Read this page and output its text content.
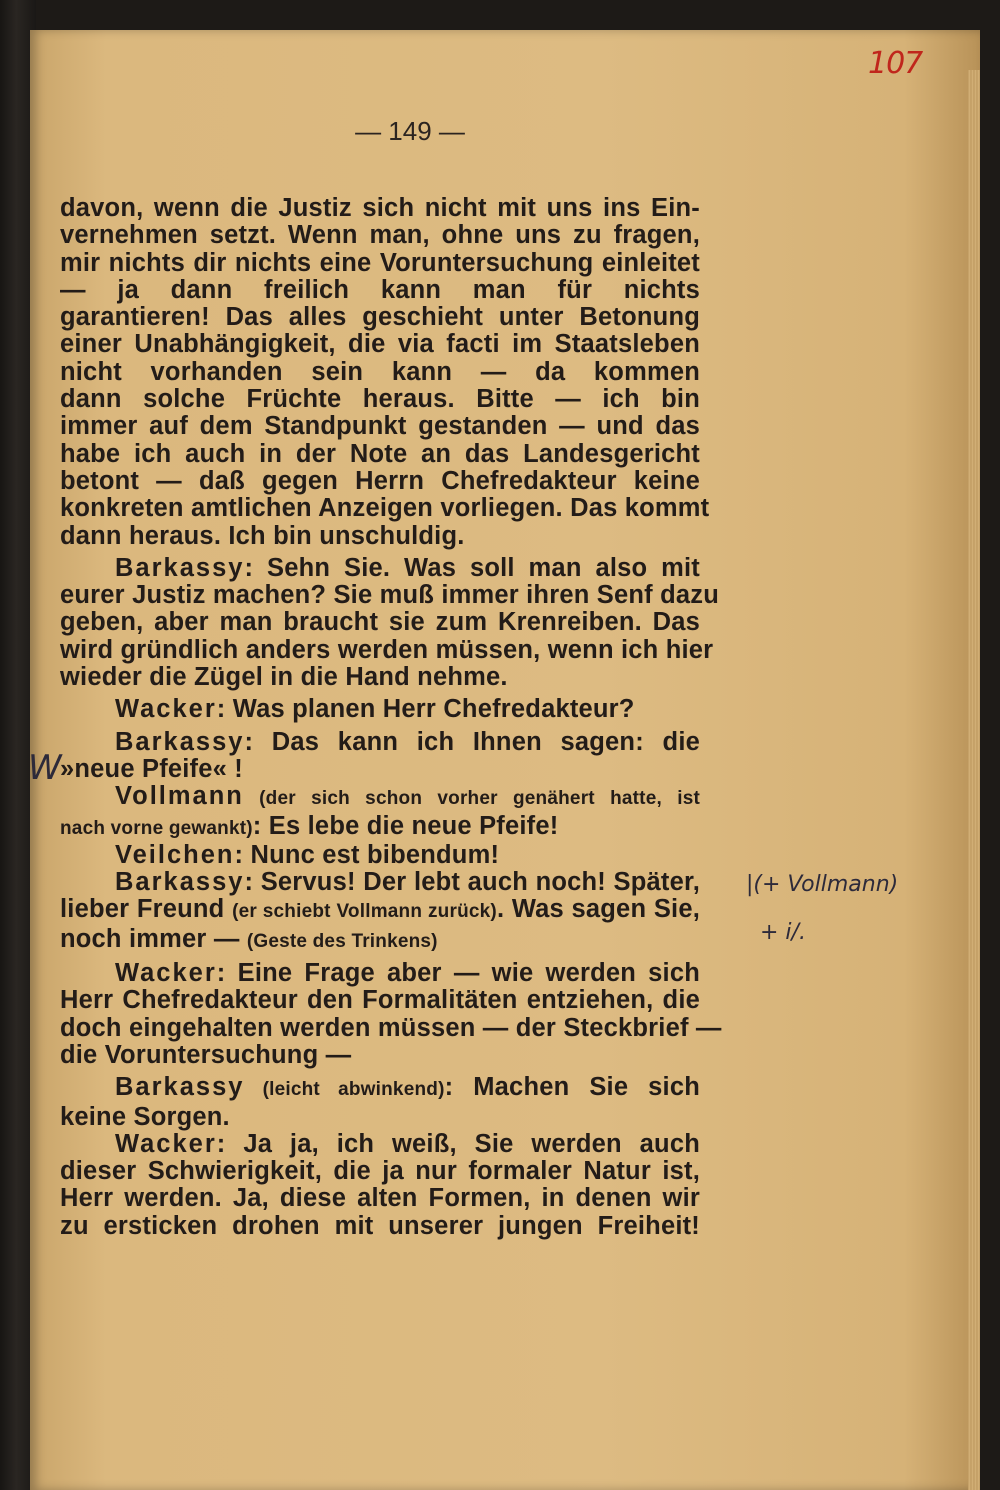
107
— 149 —
davon, wenn die Justiz sich nicht mit uns ins Ein-
vernehmen setzt. Wenn man, ohne uns zu fragen,
mir nichts dir nichts eine Voruntersuchung einleitet
— ja dann freilich kann man für nichts
garantieren! Das alles geschieht unter Betonung
einer Unabhängigkeit, die via facti im Staatsleben
nicht vorhanden sein kann — da kommen
dann solche Früchte heraus. Bitte — ich bin
immer auf dem Standpunkt gestanden — und das
habe ich auch in der Note an das Landesgericht
betont — daß gegen Herrn Chefredakteur keine
konkreten amtlichen Anzeigen vorliegen. Das kommt
dann heraus. Ich bin unschuldig.
Barkassy: Sehn Sie. Was soll man also mit
eurer Justiz machen? Sie muß immer ihren Senf dazu
geben, aber man braucht sie zum Krenreiben. Das
wird gründlich anders werden müssen, wenn ich hier
wieder die Zügel in die Hand nehme.
Wacker: Was planen Herr Chefredakteur?
Barkassy: Das kann ich Ihnen sagen: die
»neue Pfeife« !
Vollmann (der sich schon vorher genähert hatte, ist
nach vorne gewankt): Es lebe die neue Pfeife!
Veilchen: Nunc est bibendum!
Barkassy: Servus! Der lebt auch noch! Später,
lieber Freund (er schiebt Vollmann zurück). Was sagen Sie,
noch immer — (Geste des Trinkens)
Wacker: Eine Frage aber — wie werden sich
Herr Chefredakteur den Formalitäten entziehen, die
doch eingehalten werden müssen — der Steckbrief —
die Voruntersuchung —
Barkassy (leicht abwinkend): Machen Sie sich
keine Sorgen.
Wacker: Ja ja, ich weiß, Sie werden auch
dieser Schwierigkeit, die ja nur formaler Natur ist,
Herr werden. Ja, diese alten Formen, in denen wir
zu ersticken drohen mit unserer jungen Freiheit!
W
|(+ Vollmann)
+ i/.
